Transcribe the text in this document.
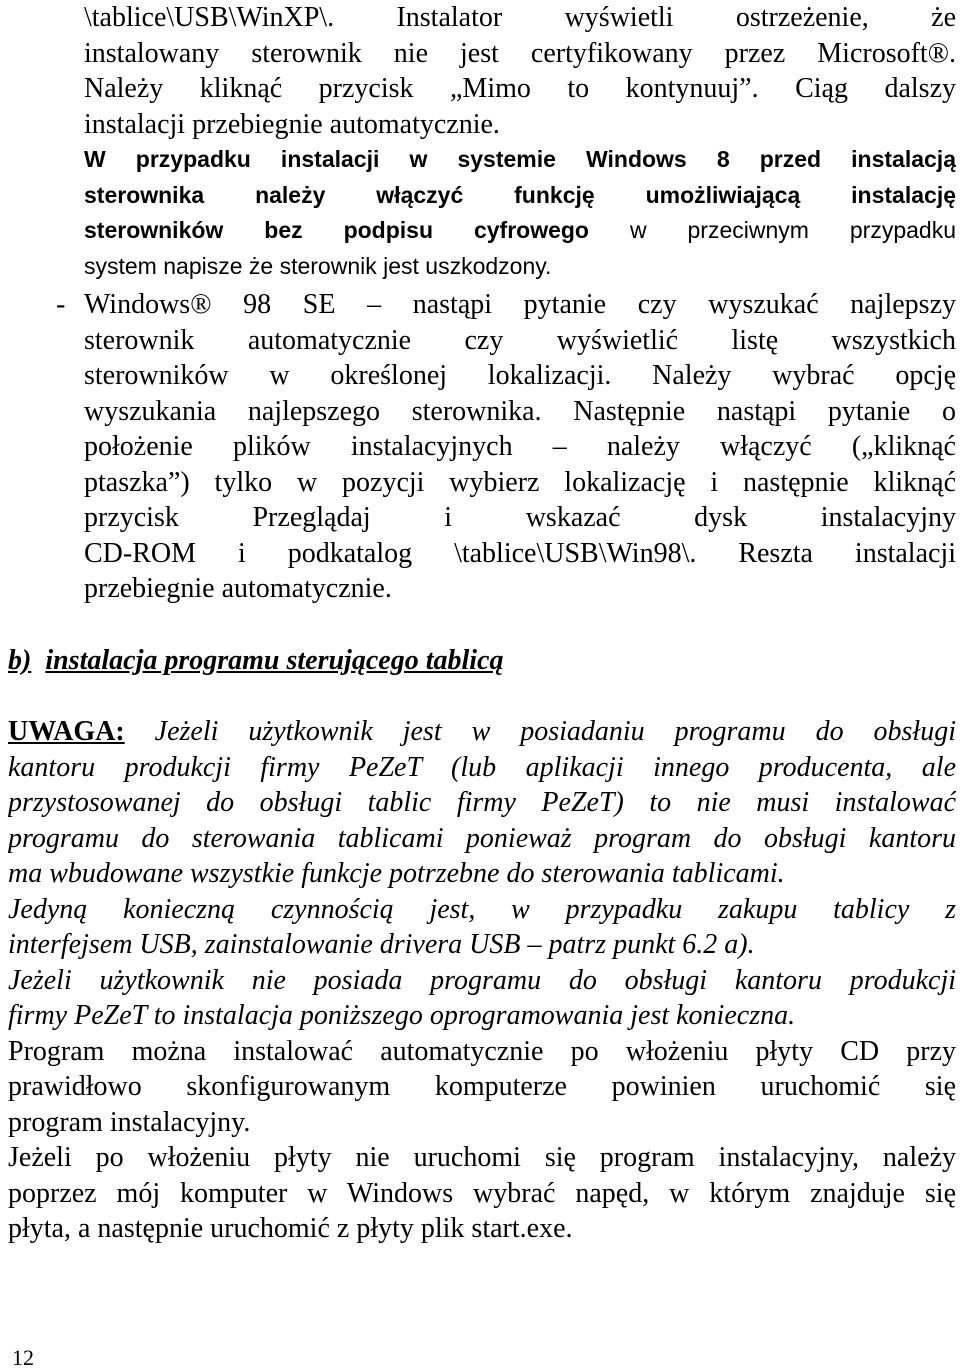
\tablice\USB\WinXP\. Instalator wyświetli ostrzeżenie, że
instalowany sterownik nie jest certyfikowany przez Microsoft®.
Należy kliknąć przycisk „Mimo to kontynuuj”. Ciąg dalszy
instalacji przebiegnie automatycznie.
W przypadku instalacji w systemie Windows 8 przed instalacją
sterownika należy włączyć funkcję umożliwiającą instalację
sterowników bez podpisu cyfrowego w przeciwnym przypadku
system napisze że sterownik jest uszkodzony.
- Windows® 98 SE – nastąpi pytanie czy wyszukać najlepszy
sterownik automatycznie czy wyświetlić listę wszystkich
sterowników w określonej lokalizacji. Należy wybrać opcję
wyszukania najlepszego sterownika. Następnie nastąpi pytanie o
położenie plików instalacyjnych – należy włączyć („kliknąć
ptaszka”) tylko w pozycji wybierz lokalizację i następnie kliknąć
przycisk Przeglądaj i wskazać dysk instalacyjny
CD-ROM i podkatalog \tablice\USB\Win98\. Reszta instalacji
przebiegnie automatycznie.
b) instalacja programu sterującego tablicą
UWAGA: Jeżeli użytkownik jest w posiadaniu programu do obsługi
kantoru produkcji firmy PeZeT (lub aplikacji innego producenta, ale
przystosowanej do obsługi tablic firmy PeZeT) to nie musi instalować
programu do sterowania tablicami ponieważ program do obsługi kantoru
ma wbudowane wszystkie funkcje potrzebne do sterowania tablicami.
Jedyną konieczną czynnością jest, w przypadku zakupu tablicy z
interfejsem USB, zainstalowanie drivera USB – patrz punkt 6.2 a).
Jeżeli użytkownik nie posiada programu do obsługi kantoru produkcji
firmy PeZeT to instalacja poniższego oprogramowania jest konieczna.
Program można instalować automatycznie po włożeniu płyty CD przy
prawidłowo skonfigurowanym komputerze powinien uruchomić się
program instalacyjny.
Jeżeli po włożeniu płyty nie uruchomi się program instalacyjny, należy
poprzez mój komputer w Windows wybrać napęd, w którym znajduje się
płyta, a następnie uruchomić z płyty plik start.exe.
12
